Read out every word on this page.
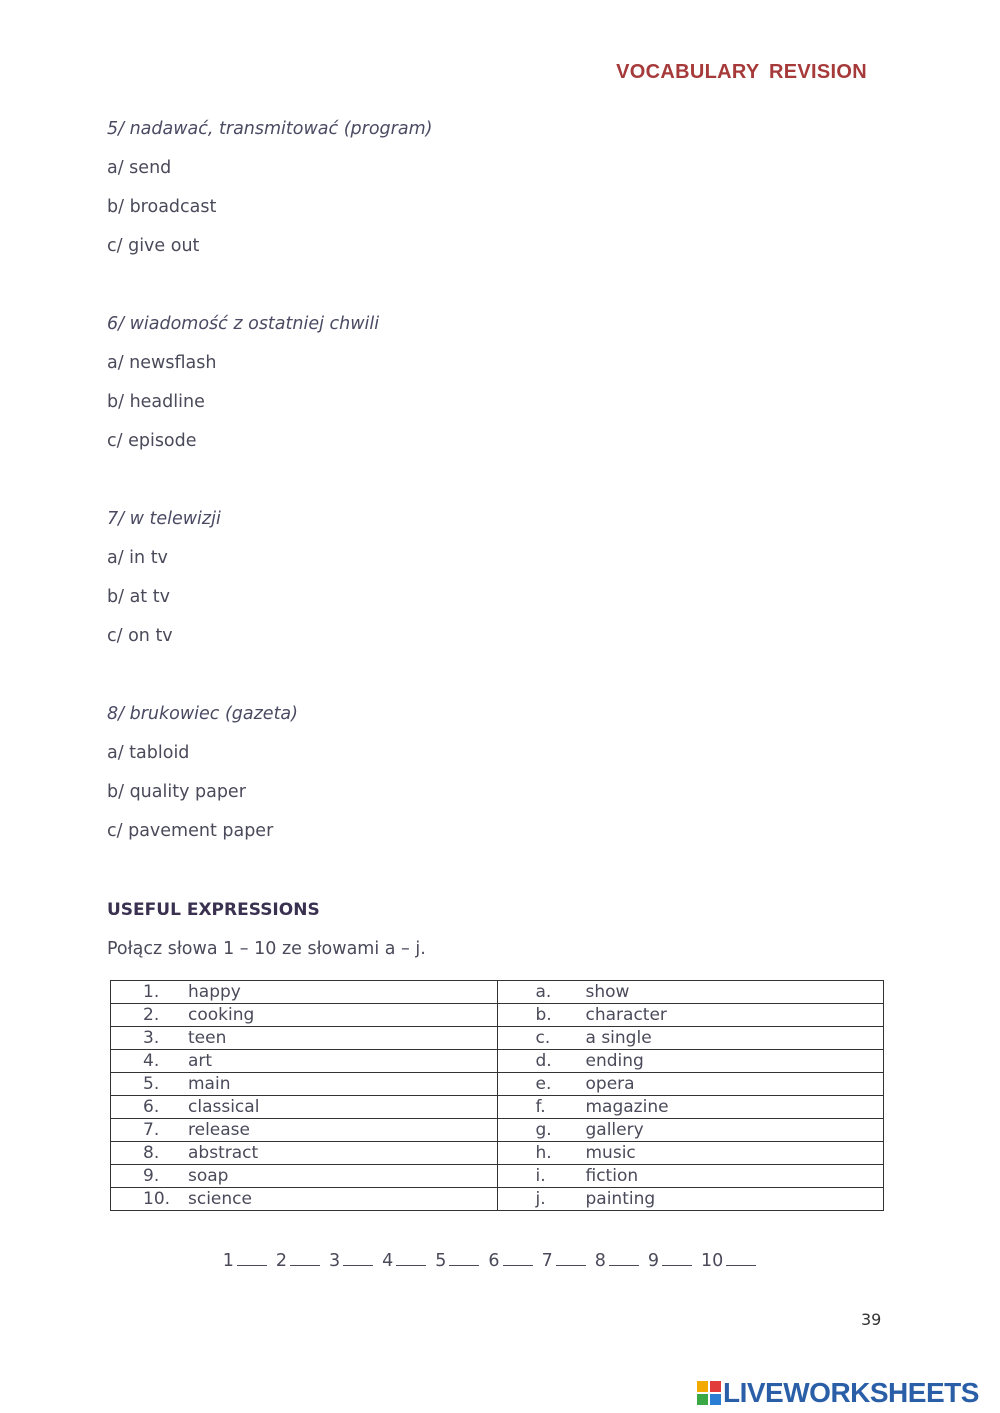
VOCABULARY REVISION
5/ nadawać, transmitować (program)
a/ send
b/ broadcast
c/ give out
6/ wiadomość z ostatniej chwili
a/ newsflash
b/ headline
c/ episode
7/ w telewizji
a/ in tv
b/ at tv
c/ on tv
8/ brukowiec (gazeta)
a/ tabloid
b/ quality paper
c/ pavement paper
USEFUL EXPRESSIONS
Połącz słowa 1 – 10 ze słowami a – j.
1. happy	a. show
2. cooking	b. character
3. teen	c. a single
4. art	d. ending
5. main	e. opera
6. classical	f. magazine
7. release	g. gallery
8. abstract	h. music
9. soap	i. fiction
10. science	j. painting
1 2 3 4 5 6 7 8 9 10
39
LIVEWORKSHEETS
